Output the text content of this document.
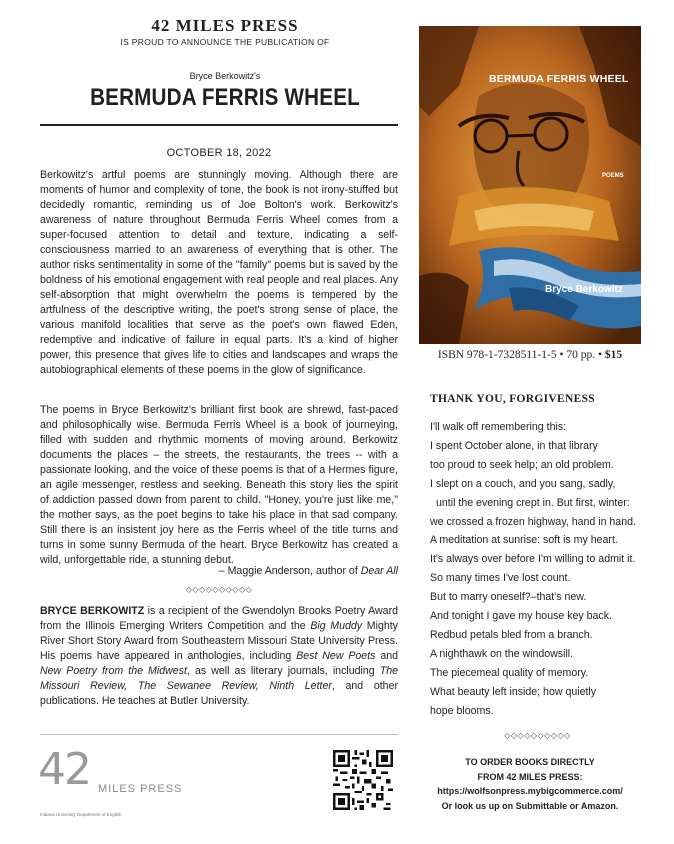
42 MILES PRESS
IS PROUD TO ANNOUNCE THE PUBLICATION OF
Bryce Berkowitz's
BERMUDA FERRIS WHEEL
OCTOBER 18, 2022
Berkowitz's artful poems are stunningly moving. Although there are moments of humor and complexity of tone, the book is not irony-stuffed but decidedly romantic, reminding us of Joe Bolton's work. Berkowitz's awareness of nature throughout Bermuda Ferris Wheel comes from a super-focused attention to detail and texture, indicating a self-consciousness married to an awareness of everything that is other. The author risks sentimentality in some of the "family" poems but is saved by the boldness of his emotional engagement with real people and real places. Any self-absorption that might overwhelm the poems is tempered by the artfulness of the descriptive writing, the poet's strong sense of place, the various manifold localities that serve as the poet's own flawed Eden, redemptive and indicative of failure in equal parts. It's a kind of higher power, this presence that gives life to cities and landscapes and wraps the autobiographical elements of these poems in the glow of significance.
The poems in Bryce Berkowitz's brilliant first book are shrewd, fast-paced and philosophically wise. Bermuda Ferris Wheel is a book of journeying, filled with sudden and rhythmic moments of moving around. Berkowitz documents the places – the streets, the restaurants, the trees -- with a passionate looking, and the voice of these poems is that of a Hermes figure, an agile messenger, restless and seeking. Beneath this story lies the spirit of addiction passed down from parent to child. "Honey, you're just like me," the mother says, as the poet begins to take his place in that sad company. Still there is an insistent joy here as the Ferris wheel of the title turns and turns in some sunny Bermuda of the heart. Bryce Berkowitz has created a wild, unforgettable ride, a stunning debut.
– Maggie Anderson, author of Dear All
◇◇◇◇◇◇◇◇◇◇
BRYCE BERKOWITZ is a recipient of the Gwendolyn Brooks Poetry Award from the Illinois Emerging Writers Competition and the Big Muddy Mighty River Short Story Award from Southeastern Missouri State University Press. His poems have appeared in anthologies, including Best New Poets and New Poetry from the Midwest, as well as literary journals, including The Missouri Review, The Sewanee Review, Ninth Letter, and other publications. He teaches at Butler University.
42 MILES PRESS
Indiana University Department of English
BERMUDA FERRIS WHEEL
POEMS
Bryce Berkowitz
ISBN 978-1-7328511-1-5 • 70 pp. • $15
THANK YOU, FORGIVENESS
I'll walk off remembering this:
I spent October alone, in that library
too proud to seek help; an old problem.
I slept on a couch, and you sang, sadly,
until the evening crept in. But first, winter:
we crossed a frozen highway, hand in hand.
A meditation at sunrise: soft is my heart.
It's always over before I'm willing to admit it.
So many times I've lost count.
But to marry oneself?–that's new.
And tonight I gave my house key back.
Redbud petals bled from a branch.
A nighthawk on the windowsill.
The piecemeal quality of memory.
What beauty left inside; how quietly
hope blooms.
◇◇◇◇◇◇◇◇◇◇
TO ORDER BOOKS DIRECTLY
FROM 42 MILES PRESS:
https://wolfsonpress.mybigcommerce.com/
Or look us up on Submittable or Amazon.
